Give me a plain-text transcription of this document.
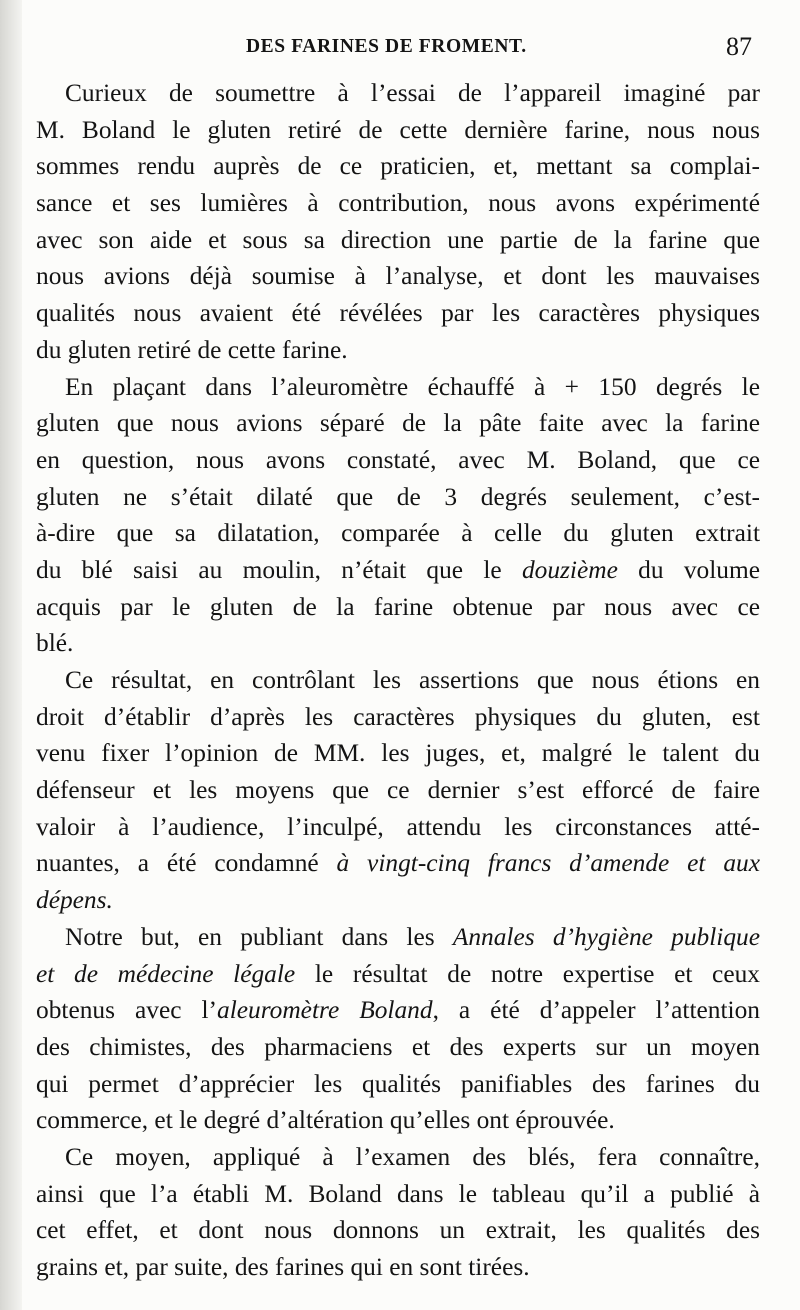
DES FARINES DE FROMENT.	87
Curieux de soumettre à l’essai de l’appareil imaginé par
M. Boland le gluten retiré de cette dernière farine, nous nous
sommes rendu auprès de ce praticien, et, mettant sa complai-
sance et ses lumières à contribution, nous avons expérimenté
avec son aide et sous sa direction une partie de la farine que
nous avions déjà soumise à l’analyse, et dont les mauvaises
qualités nous avaient été révélées par les caractères physiques
du gluten retiré de cette farine.
En plaçant dans l’aleuromètre échauffé à + 150 degrés le
gluten que nous avions séparé de la pâte faite avec la farine
en question, nous avons constaté, avec M. Boland, que ce
gluten ne s’était dilaté que de 3 degrés seulement, c’est-
à-dire que sa dilatation, comparée à celle du gluten extrait
du blé saisi au moulin, n’était que le douzième du volume
acquis par le gluten de la farine obtenue par nous avec ce
blé.
Ce résultat, en contrôlant les assertions que nous étions en
droit d’établir d’après les caractères physiques du gluten, est
venu fixer l’opinion de MM. les juges, et, malgré le talent du
défenseur et les moyens que ce dernier s’est efforcé de faire
valoir à l’audience, l’inculpé, attendu les circonstances atté-
nuantes, a été condamné à vingt-cinq francs d’amende et aux
dépens.
Notre but, en publiant dans les Annales d’hygiène publique
et de médecine légale le résultat de notre expertise et ceux
obtenus avec l’aleuromètre Boland, a été d’appeler l’attention
des chimistes, des pharmaciens et des experts sur un moyen
qui permet d’apprécier les qualités panifiables des farines du
commerce, et le degré d’altération qu’elles ont éprouvée.
Ce moyen, appliqué à l’examen des blés, fera connaître,
ainsi que l’a établi M. Boland dans le tableau qu’il a publié à
cet effet, et dont nous donnons un extrait, les qualités des
grains et, par suite, des farines qui en sont tirées.
